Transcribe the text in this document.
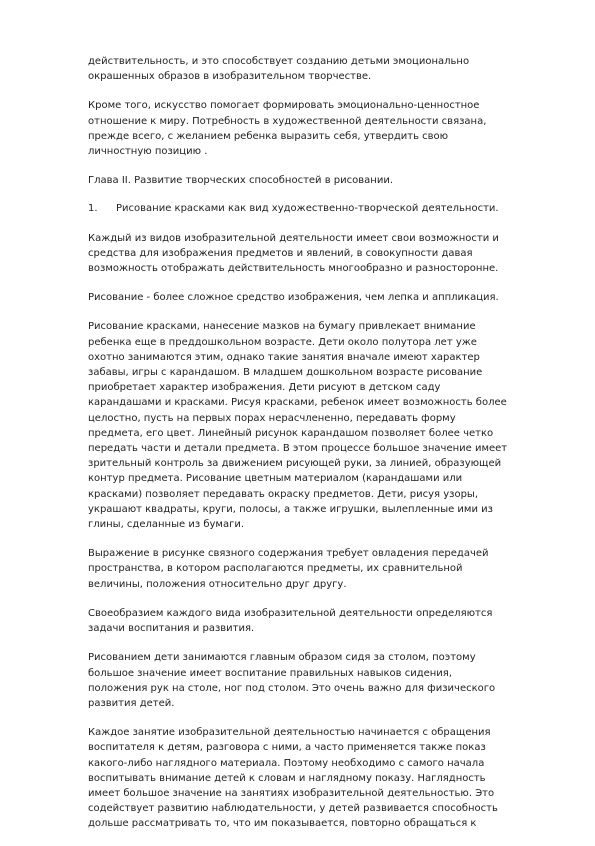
действительность, и это способствует созданию детьми эмоционально
окрашенных образов в изобразительном творчестве.

Кроме того, искусство помогает формировать эмоционально-ценностное
отношение к миру. Потребность в художественной деятельности связана,
прежде всего, с желанием ребенка выразить себя, утвердить свою
личностную позицию .

Глава II. Развитие творческих способностей в рисовании.
1. Рисование красками как вид художественно-творческой деятельности.

Каждый из видов изобразительной деятельности имеет свои возможности и
средства для изображения предметов и явлений, в совокупности давая
возможность отображать действительность многообразно и разносторонне.

Рисование - более сложное средство изображения, чем лепка и аппликация.

Рисование красками, нанесение мазков на бумагу привлекает внимание
ребенка еще в преддошкольном возрасте. Дети около полутора лет уже
охотно занимаются этим, однако такие занятия вначале имеют характер
забавы, игры с карандашом. В младшем дошкольном возрасте рисование
приобретает характер изображения. Дети рисуют в детском саду
карандашами и красками. Рисуя красками, ребенок имеет возможность более
целостно, пусть на первых порах нерасчлененно, передавать форму
предмета, его цвет. Линейный рисунок карандашом позволяет более четко
передать части и детали предмета. В этом процессе большое значение имеет
зрительный контроль за движением рисующей руки, за линией, образующей
контур предмета. Рисование цветным материалом (карандашами или
красками) позволяет передавать окраску предметов. Дети, рисуя узоры,
украшают квадраты, круги, полосы, а также игрушки, вылепленные ими из
глины, сделанные из бумаги.

Выражение в рисунке связного содержания требует овладения передачей
пространства, в котором располагаются предметы, их сравнительной
величины, положения относительно друг другу.

Своеобразием каждого вида изобразительной деятельности определяются
задачи воспитания и развития.

Рисованием дети занимаются главным образом сидя за столом, поэтому
большое значение имеет воспитание правильных навыков сидения,
положения рук на столе, ног под столом. Это очень важно для физического
развития детей.

Каждое занятие изобразительной деятельностью начинается с обращения
воспитателя к детям, разговора с ними, а часто применяется также показ
какого-либо наглядного материала. Поэтому необходимо с самого начала
воспитывать внимание детей к словам и наглядному показу. Наглядность
имеет большое значение на занятиях изобразительной деятельностью. Это
содействует развитию наблюдательности, у детей развивается способность
дольше рассматривать то, что им показывается, повторно обращаться к
